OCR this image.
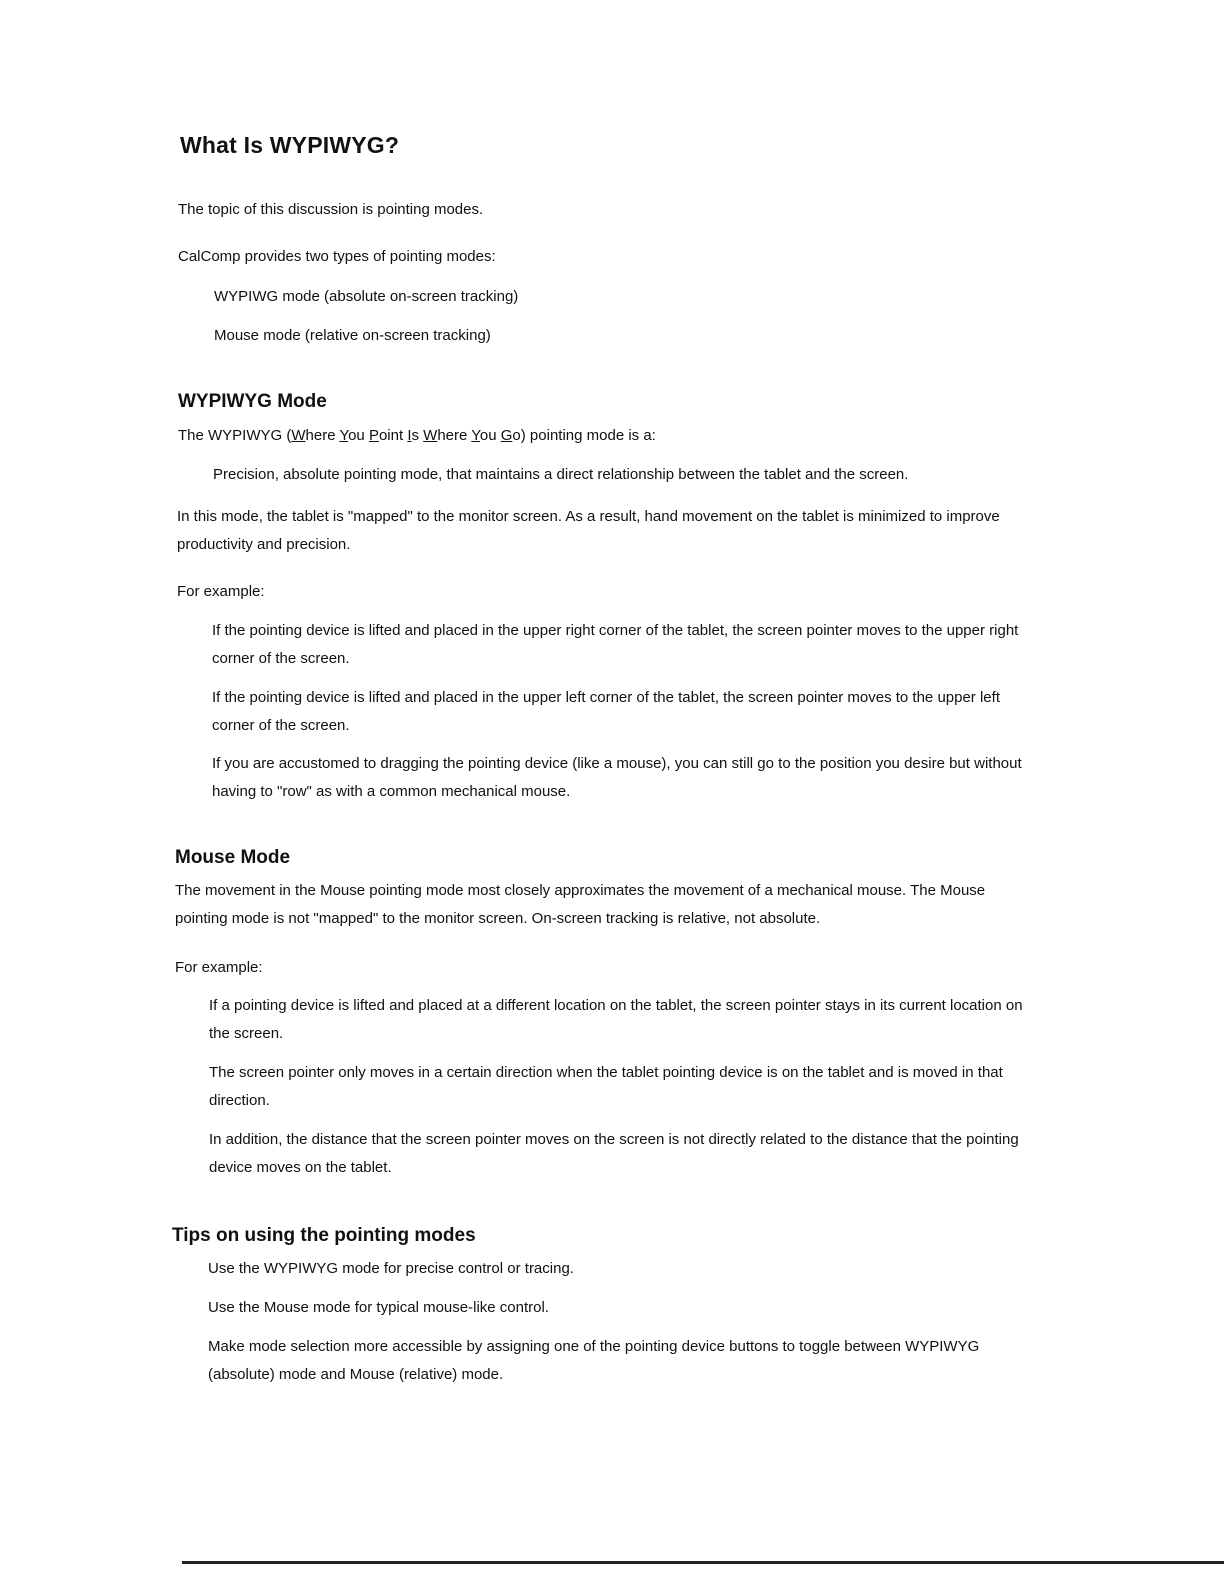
What Is WYPIWYG?

The topic of this discussion is pointing modes.

CalComp provides two types of pointing modes:

WYPIWG mode (absolute on-screen tracking)

Mouse mode (relative on-screen tracking)

WYPIWYG Mode

The WYPIWYG (Where You Point Is Where You Go) pointing mode is a:

Precision, absolute pointing mode, that maintains a direct relationship between the tablet and the screen.

In this mode, the tablet is "mapped" to the monitor screen. As a result, hand movement on the tablet is minimized to improve

productivity and precision.

For example:

If the pointing device is lifted and placed in the upper right corner of the tablet, the screen pointer moves to the upper right

corner of the screen.

If the pointing device is lifted and placed in the upper left corner of the tablet, the screen pointer moves to the upper left

corner of the screen.

If you are accustomed to dragging the pointing device (like a mouse), you can still go to the position you desire but without

having to "row" as with a common mechanical mouse.

Mouse Mode

The movement in the Mouse pointing mode most closely approximates the movement of a mechanical mouse. The Mouse

pointing mode is not "mapped" to the monitor screen. On-screen tracking is relative, not absolute.

For example:

If a pointing device is lifted and placed at a different location on the tablet, the screen pointer stays in its current location on

the screen.

The screen pointer only moves in a certain direction when the tablet pointing device is on the tablet and is moved in that

direction.

In addition, the distance that the screen pointer moves on the screen is not directly related to the distance that the pointing

device moves on the tablet.

Tips on using the pointing modes

Use the WYPIWYG mode for precise control or tracing.

Use the Mouse mode for typical mouse-like control.

Make mode selection more accessible by assigning one of the pointing device buttons to toggle between WYPIWYG

(absolute) mode and Mouse (relative) mode.
